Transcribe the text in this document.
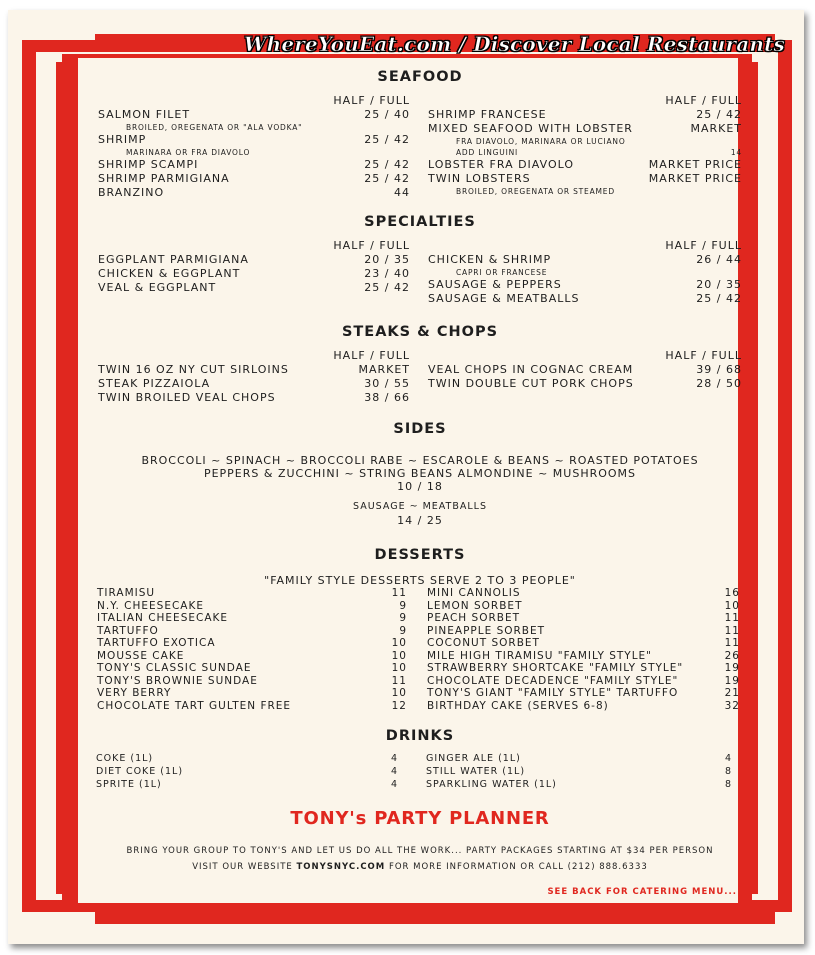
WhereYouEat.com / Discover Local Restaurants
SEAFOOD
HALF / FULL
SALMON FILET	25 / 40
BROILED, OREGENATA OR "ALA VODKA"
SHRIMP	25 / 42
MARINARA OR FRA DIAVOLO
SHRIMP SCAMPI	25 / 42
SHRIMP PARMIGIANA	25 / 42
BRANZINO	44
HALF / FULL
SHRIMP FRANCESE	25 / 42
MIXED SEAFOOD WITH LOBSTER	MARKET
FRA DIAVOLO, MARINARA OR LUCIANO
ADD LINGUINI	14
LOBSTER FRA DIAVOLO	MARKET PRICE
TWIN LOBSTERS	MARKET PRICE
BROILED, OREGENATA OR STEAMED
SPECIALTIES
HALF / FULL
EGGPLANT PARMIGIANA	20 / 35
CHICKEN & EGGPLANT	23 / 40
VEAL & EGGPLANT	25 / 42
HALF / FULL
CHICKEN & SHRIMP	26 / 44
CAPRI OR FRANCESE
SAUSAGE & PEPPERS	20 / 35
SAUSAGE & MEATBALLS	25 / 42
STEAKS & CHOPS
HALF / FULL
TWIN 16 OZ NY CUT SIRLOINS	MARKET
STEAK PIZZAIOLA	30 / 55
TWIN BROILED VEAL CHOPS	38 / 66
HALF / FULL
VEAL CHOPS IN COGNAC CREAM	39 / 68
TWIN DOUBLE CUT PORK CHOPS	28 / 50
SIDES
BROCCOLI ~ SPINACH ~ BROCCOLI RABE ~ ESCAROLE & BEANS ~ ROASTED POTATOES
PEPPERS & ZUCCHINI ~ STRING BEANS ALMONDINE ~ MUSHROOMS
10 / 18
SAUSAGE ~ MEATBALLS
14 / 25
DESSERTS
"FAMILY STYLE DESSERTS SERVE 2 TO 3 PEOPLE"
TIRAMISU	11
N.Y. CHEESECAKE	9
ITALIAN CHEESECAKE	9
TARTUFFO	9
TARTUFFO EXOTICA	10
MOUSSE CAKE	10
TONY'S CLASSIC SUNDAE	10
TONY'S BROWNIE SUNDAE	11
VERY BERRY	10
CHOCOLATE TART GULTEN FREE	12
MINI CANNOLIS	16
LEMON SORBET	10
PEACH SORBET	11
PINEAPPLE SORBET	11
COCONUT SORBET	11
MILE HIGH TIRAMISU "FAMILY STYLE"	26
STRAWBERRY SHORTCAKE "FAMILY STYLE"	19
CHOCOLATE DECADENCE "FAMILY STYLE"	19
TONY'S GIANT "FAMILY STYLE" TARTUFFO	21
BIRTHDAY CAKE (SERVES 6-8)	32
DRINKS
COKE (1L)	4
DIET COKE (1L)	4
SPRITE (1L)	4
GINGER ALE (1L)	4
STILL WATER (1L)	8
SPARKLING WATER (1L)	8
TONY's PARTY PLANNER
BRING YOUR GROUP TO TONY'S AND LET US DO ALL THE WORK... PARTY PACKAGES STARTING AT $34 PER PERSON
VISIT OUR WEBSITE TONYSNYC.COM FOR MORE INFORMATION OR CALL (212) 888.6333
SEE BACK FOR CATERING MENU...
